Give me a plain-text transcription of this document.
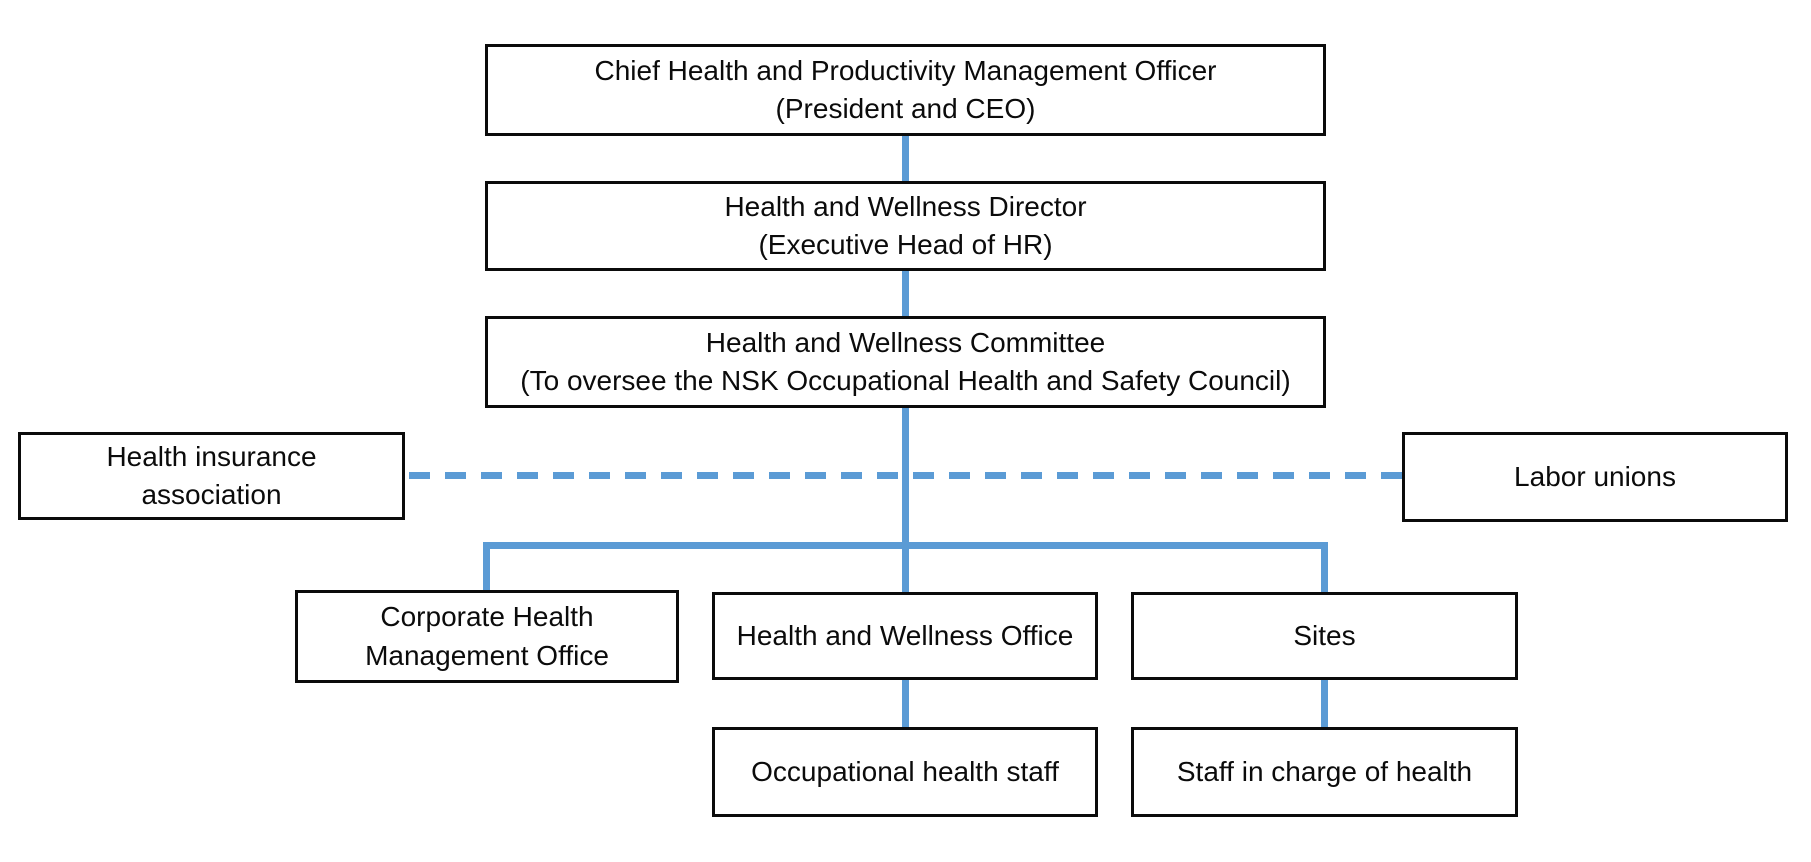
Chief Health and Productivity Management Officer
(President and CEO)
Health and Wellness Director
(Executive Head of HR)
Health and Wellness Committee
(To oversee the NSK Occupational Health and Safety Council)
Health insurance
association
Labor unions
Corporate Health
Management Office
Health and Wellness Office	Sites
Occupational health staff	Staff in charge of health
